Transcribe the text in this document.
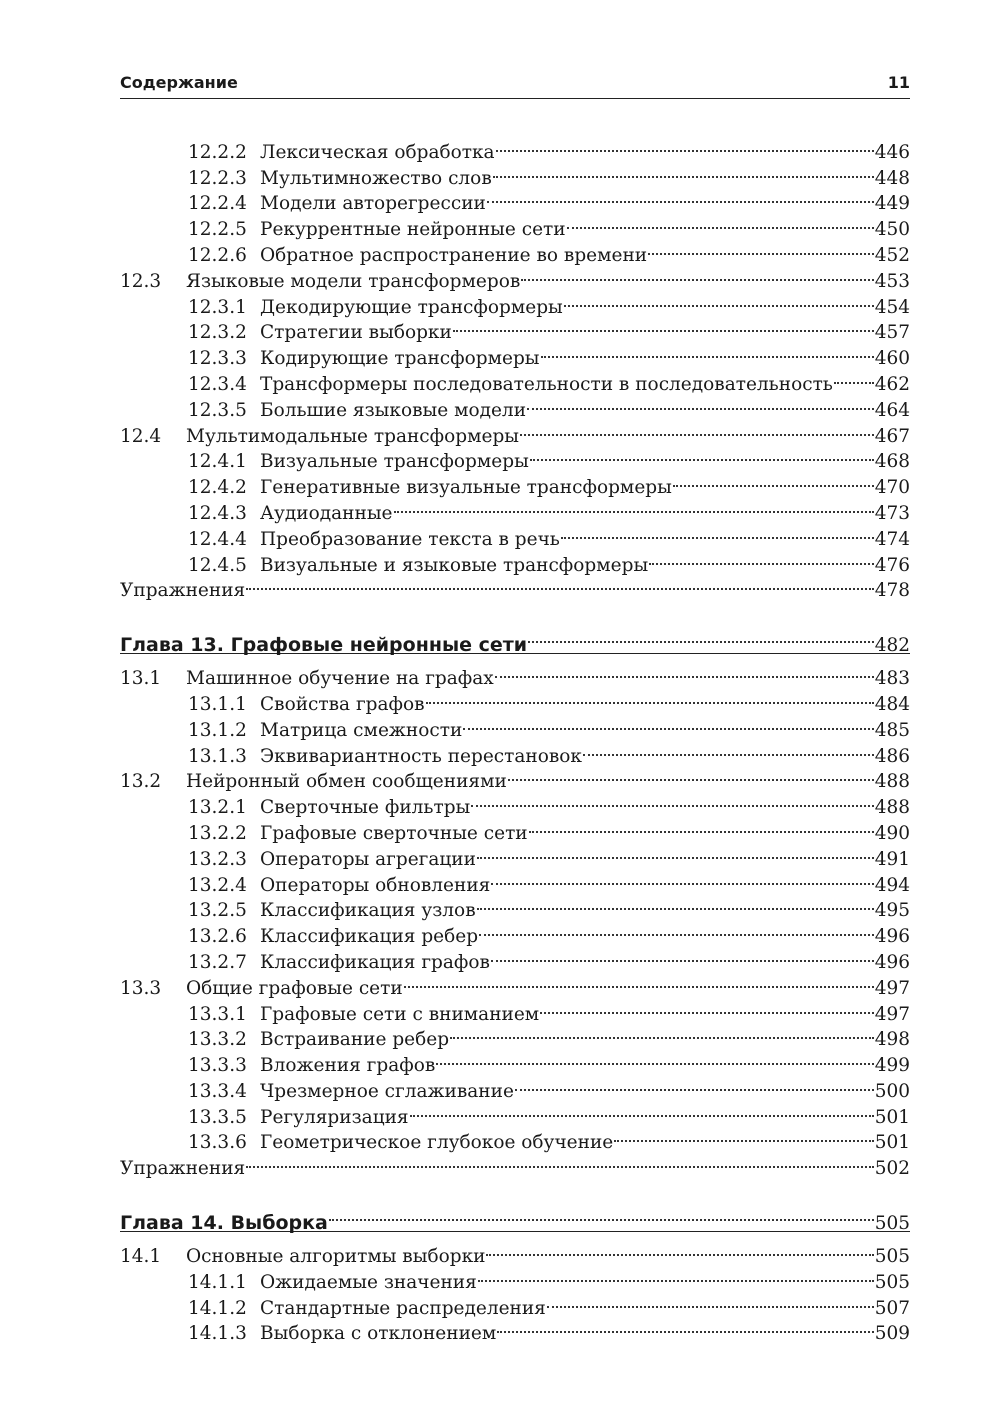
Содержание	11
12.2.2 Лексическая обработка	446
12.2.3 Мультимножество слов	448
12.2.4 Модели авторегрессии	449
12.2.5 Рекуррентные нейронные сети	450
12.2.6 Обратное распространение во времени	452
12.3	Языковые модели трансформеров	453
12.3.1 Декодирующие трансформеры	454
12.3.2 Стратегии выборки	457
12.3.3 Кодирующие трансформеры	460
12.3.4 Трансформеры последовательности в последовательность 462
12.3.5 Большие языковые модели	464
12.4	Мультимодальные трансформеры	467
12.4.1 Визуальные трансформеры	468
12.4.2 Генеративные визуальные трансформеры	470
12.4.3 Аудиоданные	473
12.4.4 Преобразование текста в речь	474
12.4.5 Визуальные и языковые трансформеры	476
Упражнения	478
Глава 13. Графовые нейронные сети	482
13.1	Машинное обучение на графах	483
13.1.1 Свойства графов	484
13.1.2 Матрица смежности	485
13.1.3 Эквивариантность перестановок	486
13.2	Нейронный обмен сообщениями	488
13.2.1 Сверточные фильтры	488
13.2.2 Графовые сверточные сети	490
13.2.3 Операторы агрегации	491
13.2.4 Операторы обновления	494
13.2.5 Классификация узлов	495
13.2.6 Классификация ребер	496
13.2.7 Классификация графов	496
13.3	Общие графовые сети	497
13.3.1 Графовые сети с вниманием	497
13.3.2 Встраивание ребер	498
13.3.3 Вложения графов	499
13.3.4 Чрезмерное сглаживание	500
13.3.5 Регуляризация	501
13.3.6 Геометрическое глубокое обучение	501
Упражнения	502
Глава 14. Выборка	505
14.1	Основные алгоритмы выборки	505
14.1.1 Ожидаемые значения	505
14.1.2 Стандартные распределения	507
14.1.3 Выборка с отклонением	509
